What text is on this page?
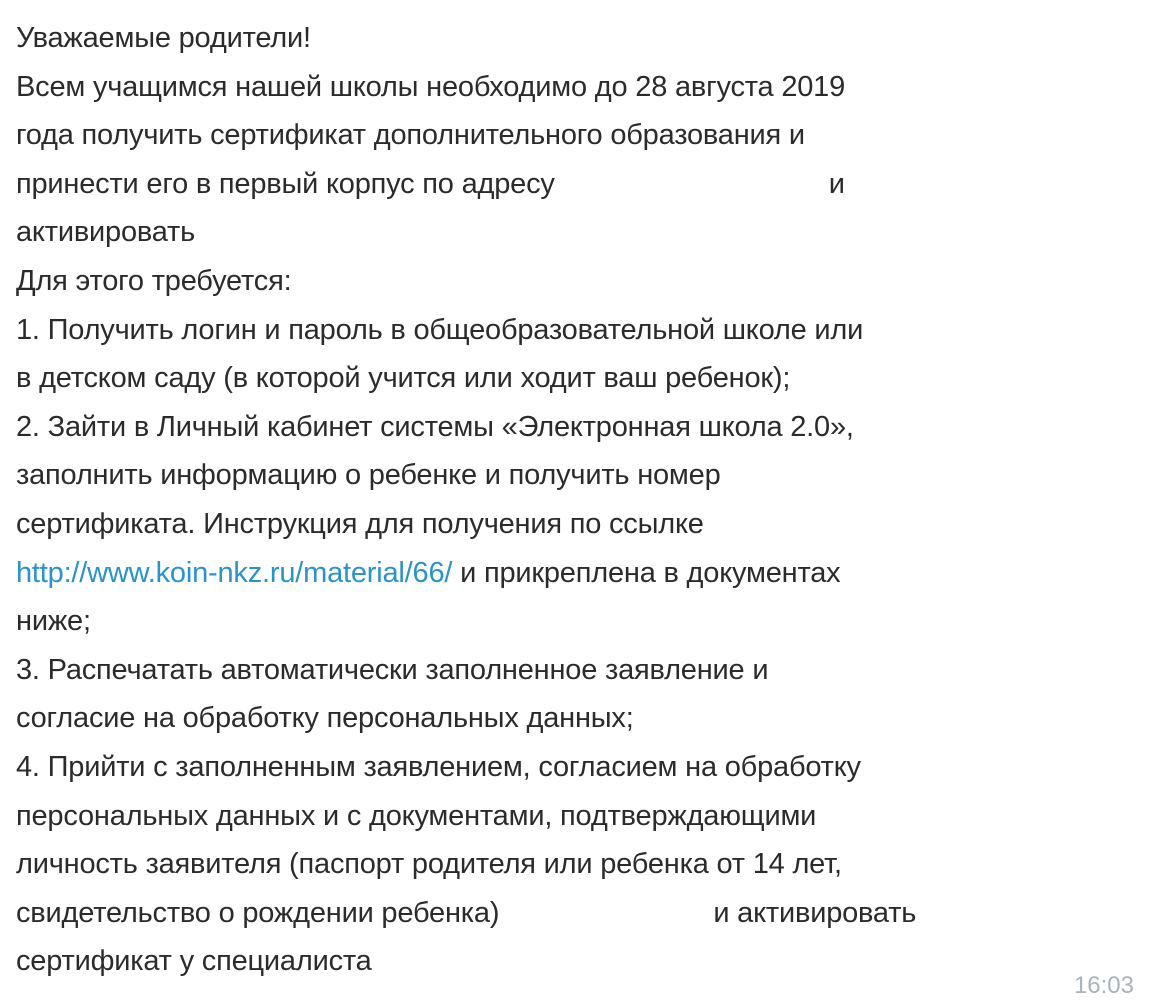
Уважаемые родители!
Всем учащимся нашей школы необходимо до 28 августа 2019
года получить сертификат дополнительного образования и
принести его в первый корпус по адресу	и
активировать
Для этого требуется:
1. Получить логин и пароль в общеобразовательной школе или
в детском саду (в которой учится или ходит ваш ребенок);
2. Зайти в Личный кабинет системы «Электронная школа 2.0»,
заполнить информацию о ребенке и получить номер
сертификата. Инструкция для получения по ссылке
http://www.koin-nkz.ru/material/66/ и прикреплена в документах
ниже;
3. Распечатать автоматически заполненное заявление и
согласие на обработку персональных данных;
4. Прийти с заполненным заявлением, согласием на обработку
персональных данных и с документами, подтверждающими
личность заявителя (паспорт родителя или ребенка от 14 лет,
свидетельство о рождении ребенка)	и активировать
сертификат у специалиста
16:03
